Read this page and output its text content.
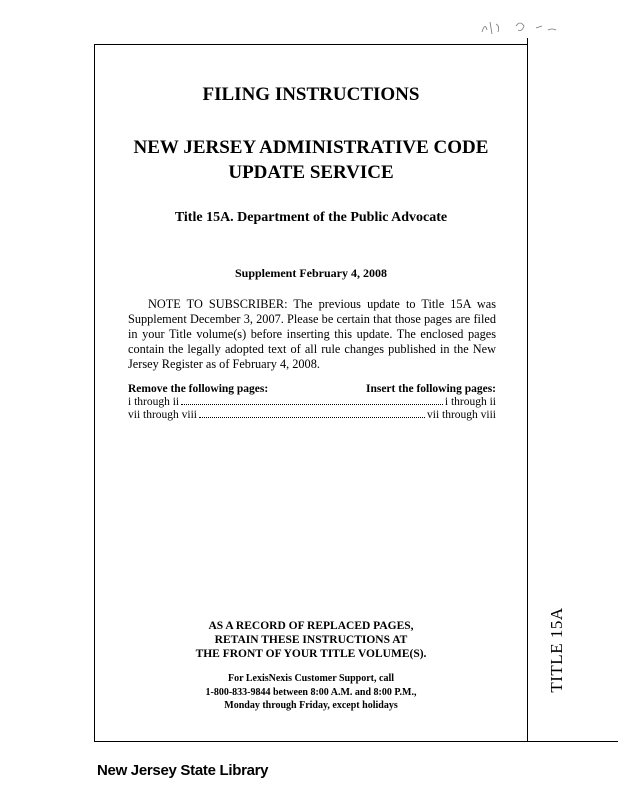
TITLE 15A
FILING INSTRUCTIONS
NEW JERSEY ADMINISTRATIVE CODE
UPDATE SERVICE
Title 15A. Department of the Public Advocate
Supplement February 4, 2008
NOTE TO SUBSCRIBER: The previous update to Title 15A was Supplement December 3, 2007. Please be certain that those pages are filed in your Title volume(s) before inserting this update. The enclosed pages contain the legally adopted text of all rule changes published in the New Jersey Register as of February 4, 2008.
Remove the following pages:	Insert the following pages:
i through ii	i through ii
vii through viii	vii through viii
AS A RECORD OF REPLACED PAGES,
RETAIN THESE INSTRUCTIONS AT
THE FRONT OF YOUR TITLE VOLUME(S).
For LexisNexis Customer Support, call
1-800-833-9844 between 8:00 A.M. and 8:00 P.M.,
Monday through Friday, except holidays
New Jersey State Library
